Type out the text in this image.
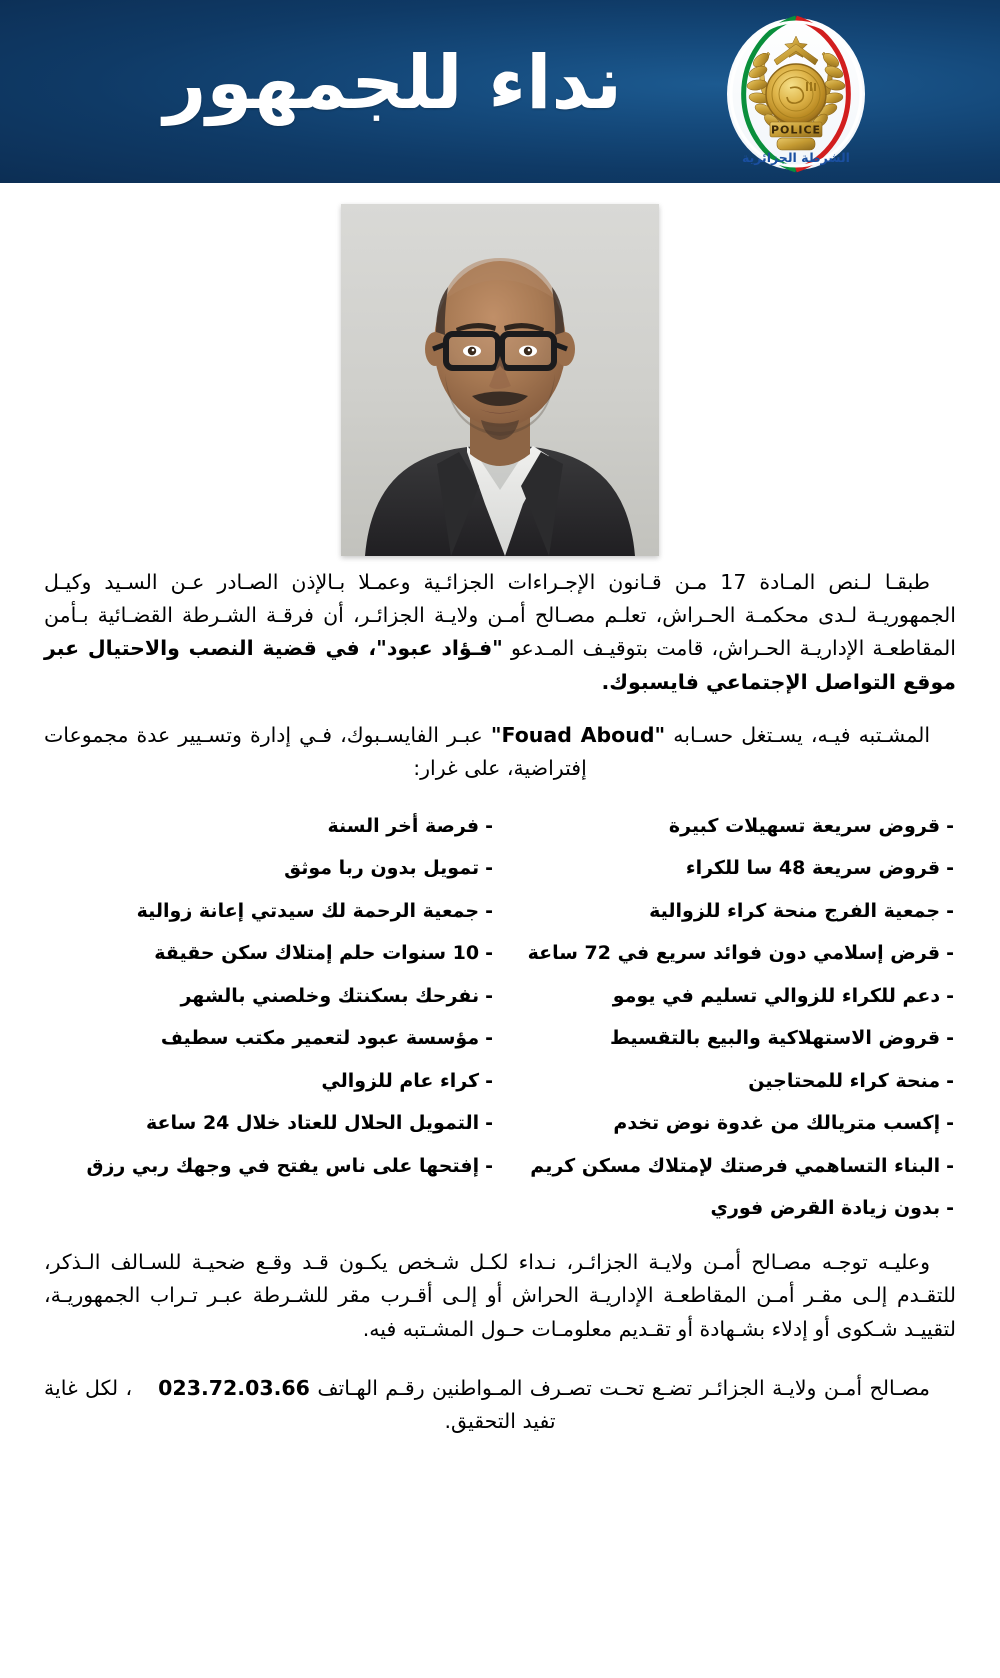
نداء للجمهور
POLICE
الشرطة الجزائرية

طبقـا لـنص المـادة 17 مـن قـانون الإجـراءات الجزائـية وعمـلا بـالإذن الصـادر عـن السـيد وكيـل الجمهوريـة لـدى محكمـة الحـراش، تعلـم مصـالح أمـن ولايـة الجزائـر، أن فرقـة الشـرطة القضـائية بـأمن المقاطعـة الإداريـة الحـراش، قامت بتوقيـف المـدعو "فـؤاد عبود"، في قضية النصب والاحتيال عبر موقع التواصل الإجتماعي فايسبوك.

المشـتبه فيـه، يسـتغل حسـابه "Fouad Aboud" عبـر الفايسـبوك، فـي إدارة وتسـيير عدة مجموعات إفتراضية، على غرار:

-
قروض سريعة تسهيلات كبيرة
-
قروض سريعة 48 سا للكراء
-
جمعية الفرج منحة كراء للزوالية
-
قرض إسلامي دون فوائد سريع في 72 ساعة
-
دعم للكراء للزوالي تسليم في يومو
-
قروض الاستهلاكية والبيع بالتقسيط
-
منحة كراء للمحتاجين
-
إكسب متريالك من غدوة نوض تخدم
-
البناء التساهمي فرصتك لإمتلاك مسكن كريم
-
بدون زيادة القرض فوري
-
فرصة أخر السنة
-
تمويل بدون ربا موثق
-
جمعية الرحمة لك سيدتي إعانة زوالية
-
10 سنوات حلم إمتلاك سكن حقيقة
-
نفرحك بسكنتك وخلصني بالشهر
-
مؤسسة عبود لتعمير مكتب سطيف
-
كراء عام للزوالي
-
التمويل الحلال للعتاد خلال 24 ساعة
-
إفتحها على ناس يفتح في وجهك ربي رزق

وعليـه توجـه مصـالح أمـن ولايـة الجزائـر، نـداء لكـل شـخص يكـون قـد وقـع ضحيـة للسـالف الـذكر، للتقـدم إلـى مقـر أمـن المقاطعـة الإداريـة الحراش أو إلـى أقـرب مقر للشـرطة عبـر تـراب الجمهوريـة، لتقييـد شـكوى أو إدلاء بشـهادة أو تقـديم معلومـات حـول المشـتبه فيه.

مصـالح أمـن ولايـة الجزائـر تضـع تحـت تصـرف المـواطنين رقـم الهـاتف 023.72.03.66، لكل غاية تفيد التحقيق.
